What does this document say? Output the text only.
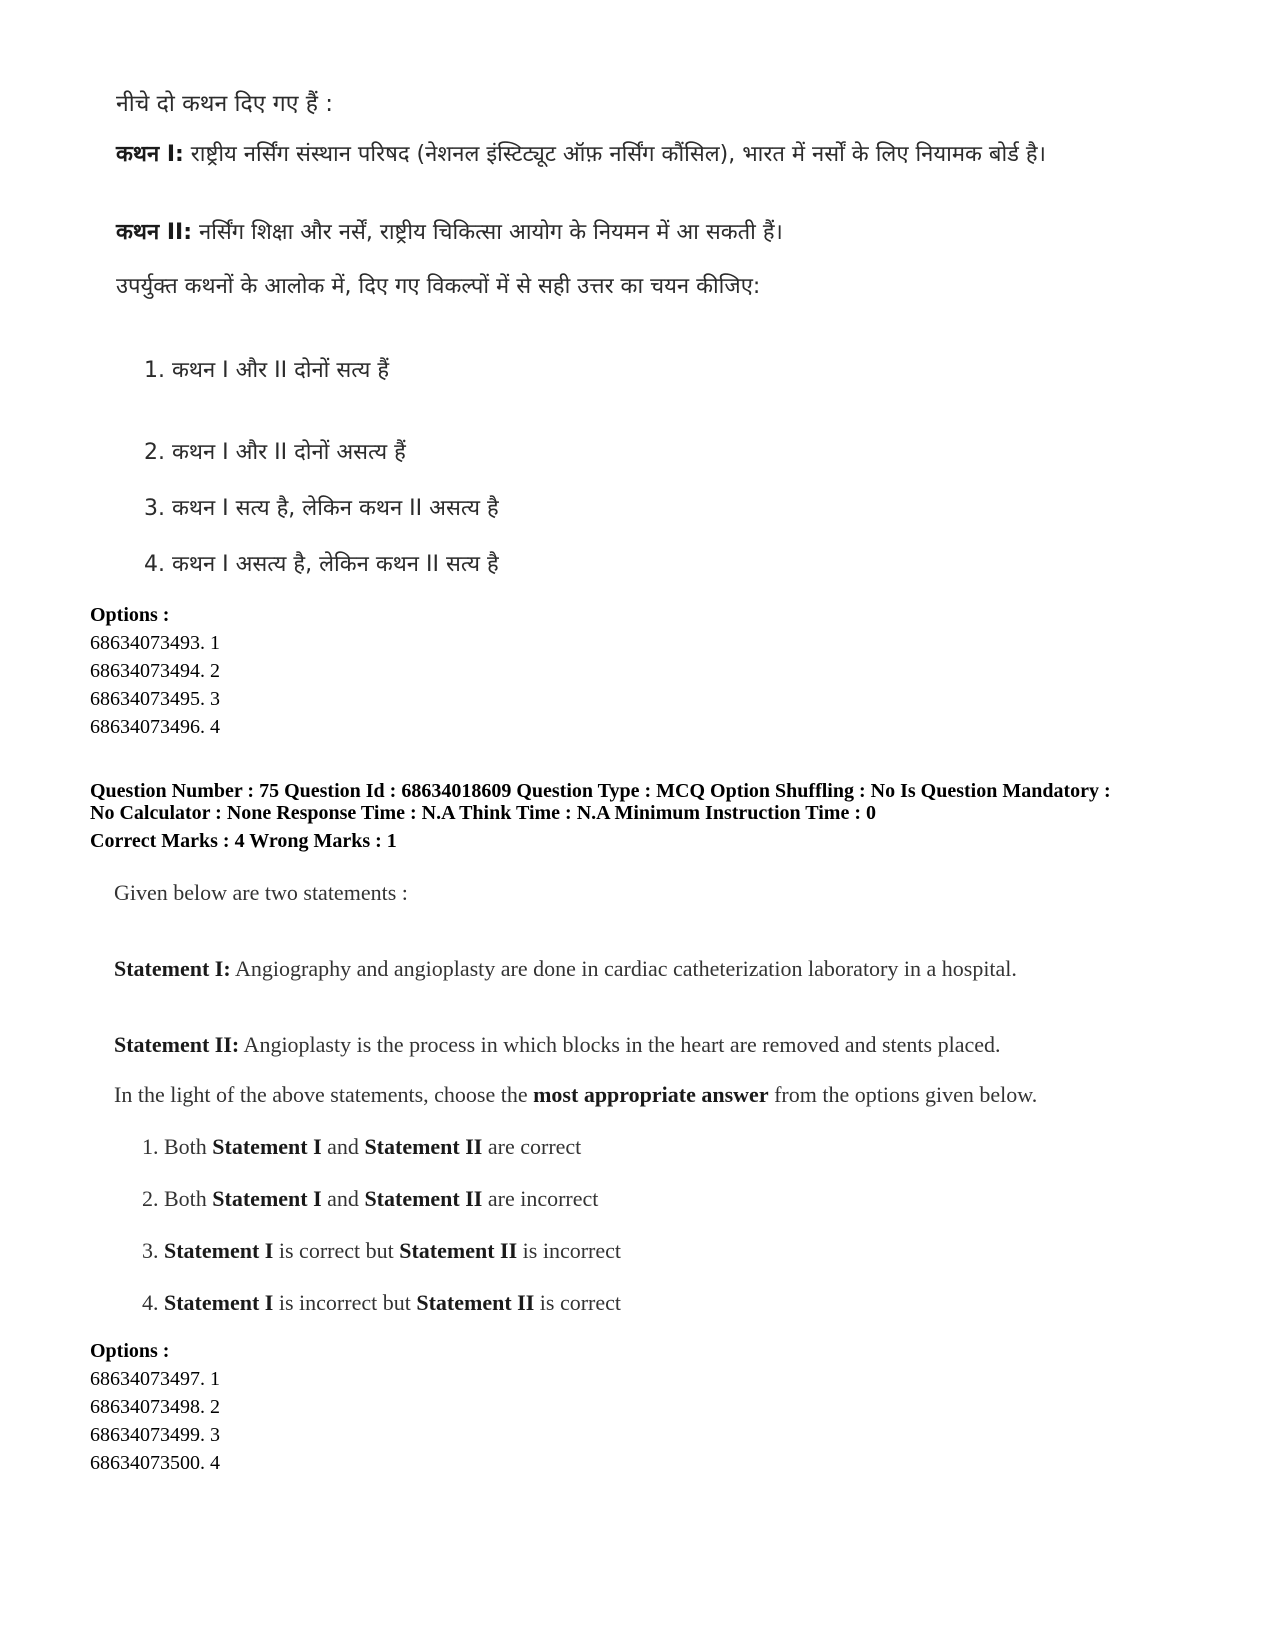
नीचे दो कथन दिए गए हैं :
कथन I: राष्ट्रीय नर्सिंग संस्थान परिषद (नेशनल इंस्टिट्यूट ऑफ़ नर्सिंग कौंसिल), भारत में नर्सों के लिए नियामक बोर्ड है।
कथन II: नर्सिंग शिक्षा और नर्सें, राष्ट्रीय चिकित्सा आयोग के नियमन में आ सकती हैं।
उपर्युक्त कथनों के आलोक में, दिए गए विकल्पों में से सही उत्तर का चयन कीजिए:
1. कथन I और II दोनों सत्य हैं
2. कथन I और II दोनों असत्य हैं
3. कथन I सत्य है, लेकिन कथन II असत्य है
4. कथन I असत्य है, लेकिन कथन II सत्य है
Options :
68634073493. 1
68634073494. 2
68634073495. 3
68634073496. 4
Question Number : 75 Question Id : 68634018609 Question Type : MCQ Option Shuffling : No Is Question Mandatory :
No Calculator : None Response Time : N.A Think Time : N.A Minimum Instruction Time : 0
Correct Marks : 4 Wrong Marks : 1
Given below are two statements :
Statement I: Angiography and angioplasty are done in cardiac catheterization laboratory in a hospital.
Statement II: Angioplasty is the process in which blocks in the heart are removed and stents placed.
In the light of the above statements, choose the most appropriate answer from the options given below.
1. Both Statement I and Statement II are correct
2. Both Statement I and Statement II are incorrect
3. Statement I is correct but Statement II is incorrect
4. Statement I is incorrect but Statement II is correct
Options :
68634073497. 1
68634073498. 2
68634073499. 3
68634073500. 4
